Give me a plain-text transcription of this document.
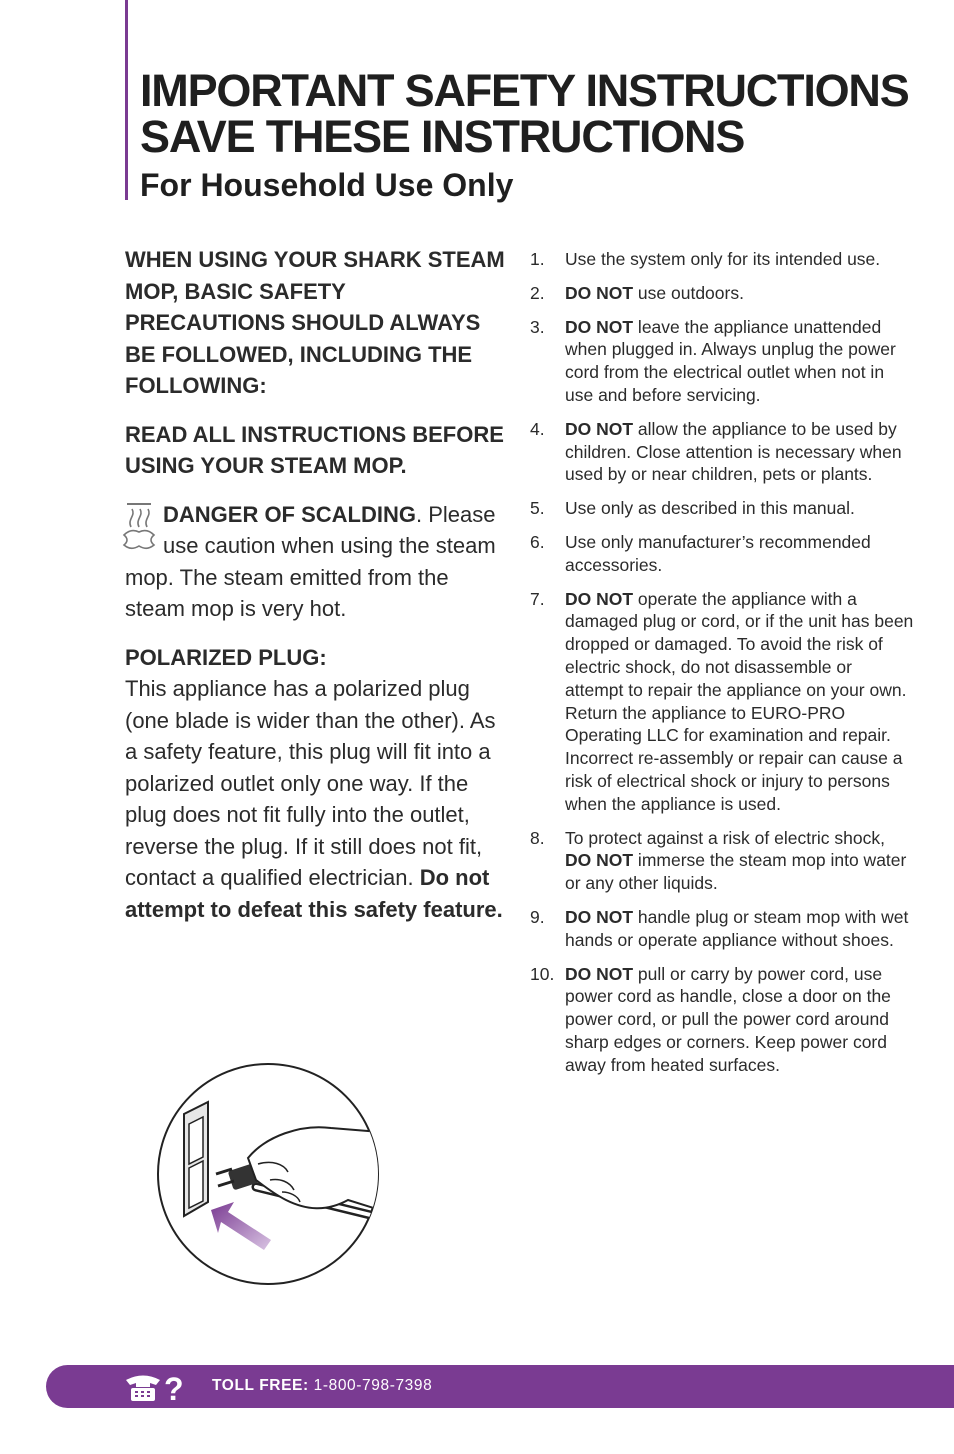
IMPORTANT SAFETY INSTRUCTIONS
SAVE THESE INSTRUCTIONS
For Household Use Only

WHEN USING YOUR SHARK STEAM MOP, BASIC SAFETY PRECAUTIONS SHOULD ALWAYS BE FOLLOWED, INCLUDING THE FOLLOWING:

READ ALL INSTRUCTIONS BEFORE USING YOUR STEAM MOP.

DANGER OF SCALDING. Please use caution when using the steam mop. The steam emitted from the steam mop is very hot.

POLARIZED PLUG:
This appliance has a polarized plug (one blade is wider than the other). As a safety feature, this plug will fit into a polarized outlet only one way. If the plug does not fit fully into the outlet, reverse the plug. If it still does not fit, contact a qualified electrician. Do not attempt to defeat this safety feature.

1. Use the system only for its intended use.
2. DO NOT use outdoors.
3. DO NOT leave the appliance unattended when plugged in. Always unplug the power cord from the electrical outlet when not in use and before servicing.
4. DO NOT allow the appliance to be used by children. Close attention is necessary when used by or near children, pets or plants.
5. Use only as described in this manual.
6. Use only manufacturer’s recommended accessories.
7. DO NOT operate the appliance with a damaged plug or cord, or if the unit has been dropped or damaged. To avoid the risk of electric shock, do not disassemble or attempt to repair the appliance on your own. Return the appliance to EURO-PRO Operating LLC for examination and repair. Incorrect re-assembly or repair can cause a risk of electrical shock or injury to persons when the appliance is used.
8. To protect against a risk of electric shock, DO NOT immerse the steam mop into water or any other liquids.
9. DO NOT handle plug or steam mop with wet hands or operate appliance without shoes.
10. DO NOT pull or carry by power cord, use power cord as handle, close a door on the power cord, or pull the power cord around sharp edges or corners. Keep power cord away from heated surfaces.
? TOLL FREE: 1-800-798-7398
